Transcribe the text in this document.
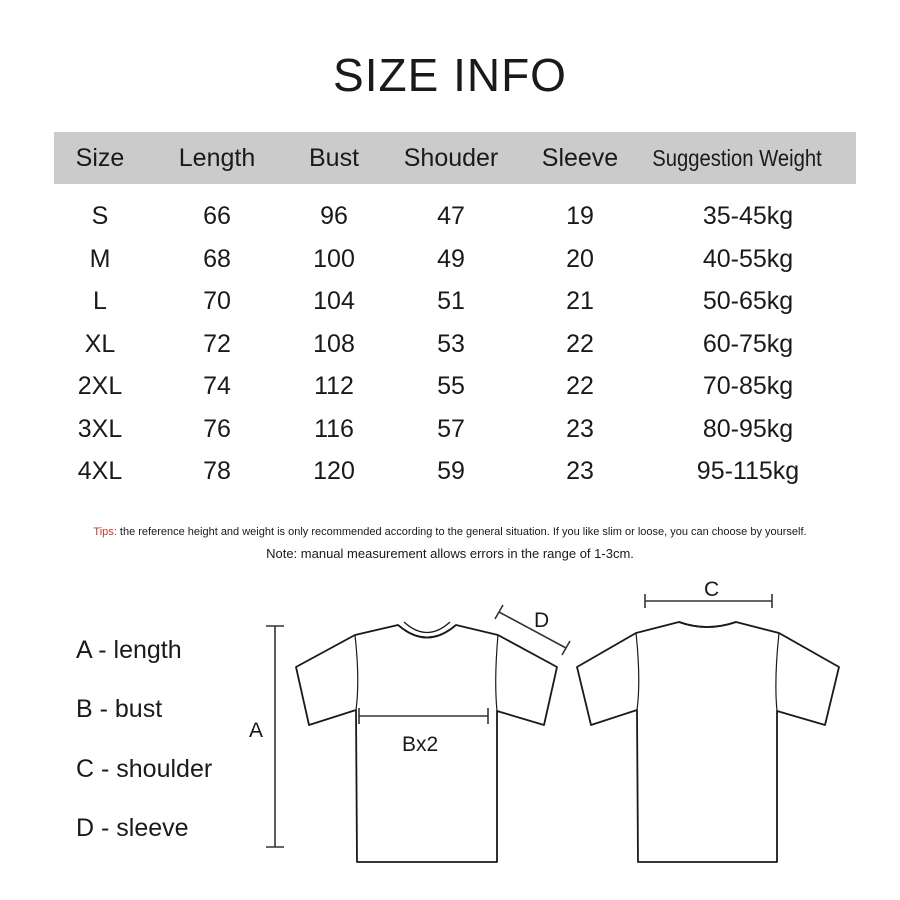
SIZE INFO
Size Length Bust Shouder Sleeve Suggestion Weight
S	66	96	47	19	35-45kg
M	68	100	49	20	40-55kg
L	70	104	51	21	50-65kg
XL	72	108	53	22	60-75kg
2XL	74	112	55	22	70-85kg
3XL	76	116	57	23	80-95kg
4XL	78	120	59	23	95-115kg
Tips: the reference height and weight is only recommended according to the general situation. If you like slim or loose, you can choose by yourself.
Note: manual measurement allows errors in the range of 1-3cm.
A - length
B - bust
C - shoulder
D - sleeve
A
Bx2
D
C
